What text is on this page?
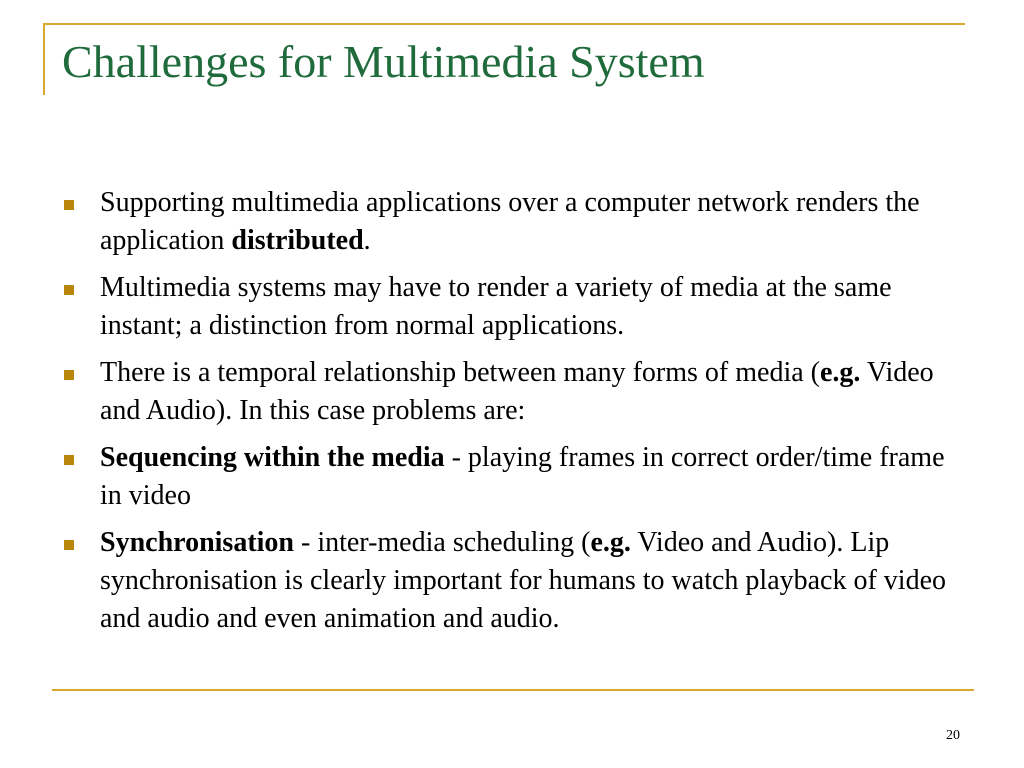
Challenges for Multimedia System
Supporting multimedia applications over a computer network renders the application distributed.
Multimedia systems may have to render a variety of media at the same instant; a distinction from normal applications.
There is a temporal relationship between many forms of media (e.g. Video and Audio). In this case problems are:
Sequencing within the media - playing frames in correct order/time frame in video
Synchronisation - inter-media scheduling (e.g. Video and Audio). Lip synchronisation is clearly important for humans to watch playback of video and audio and even animation and audio.
20
